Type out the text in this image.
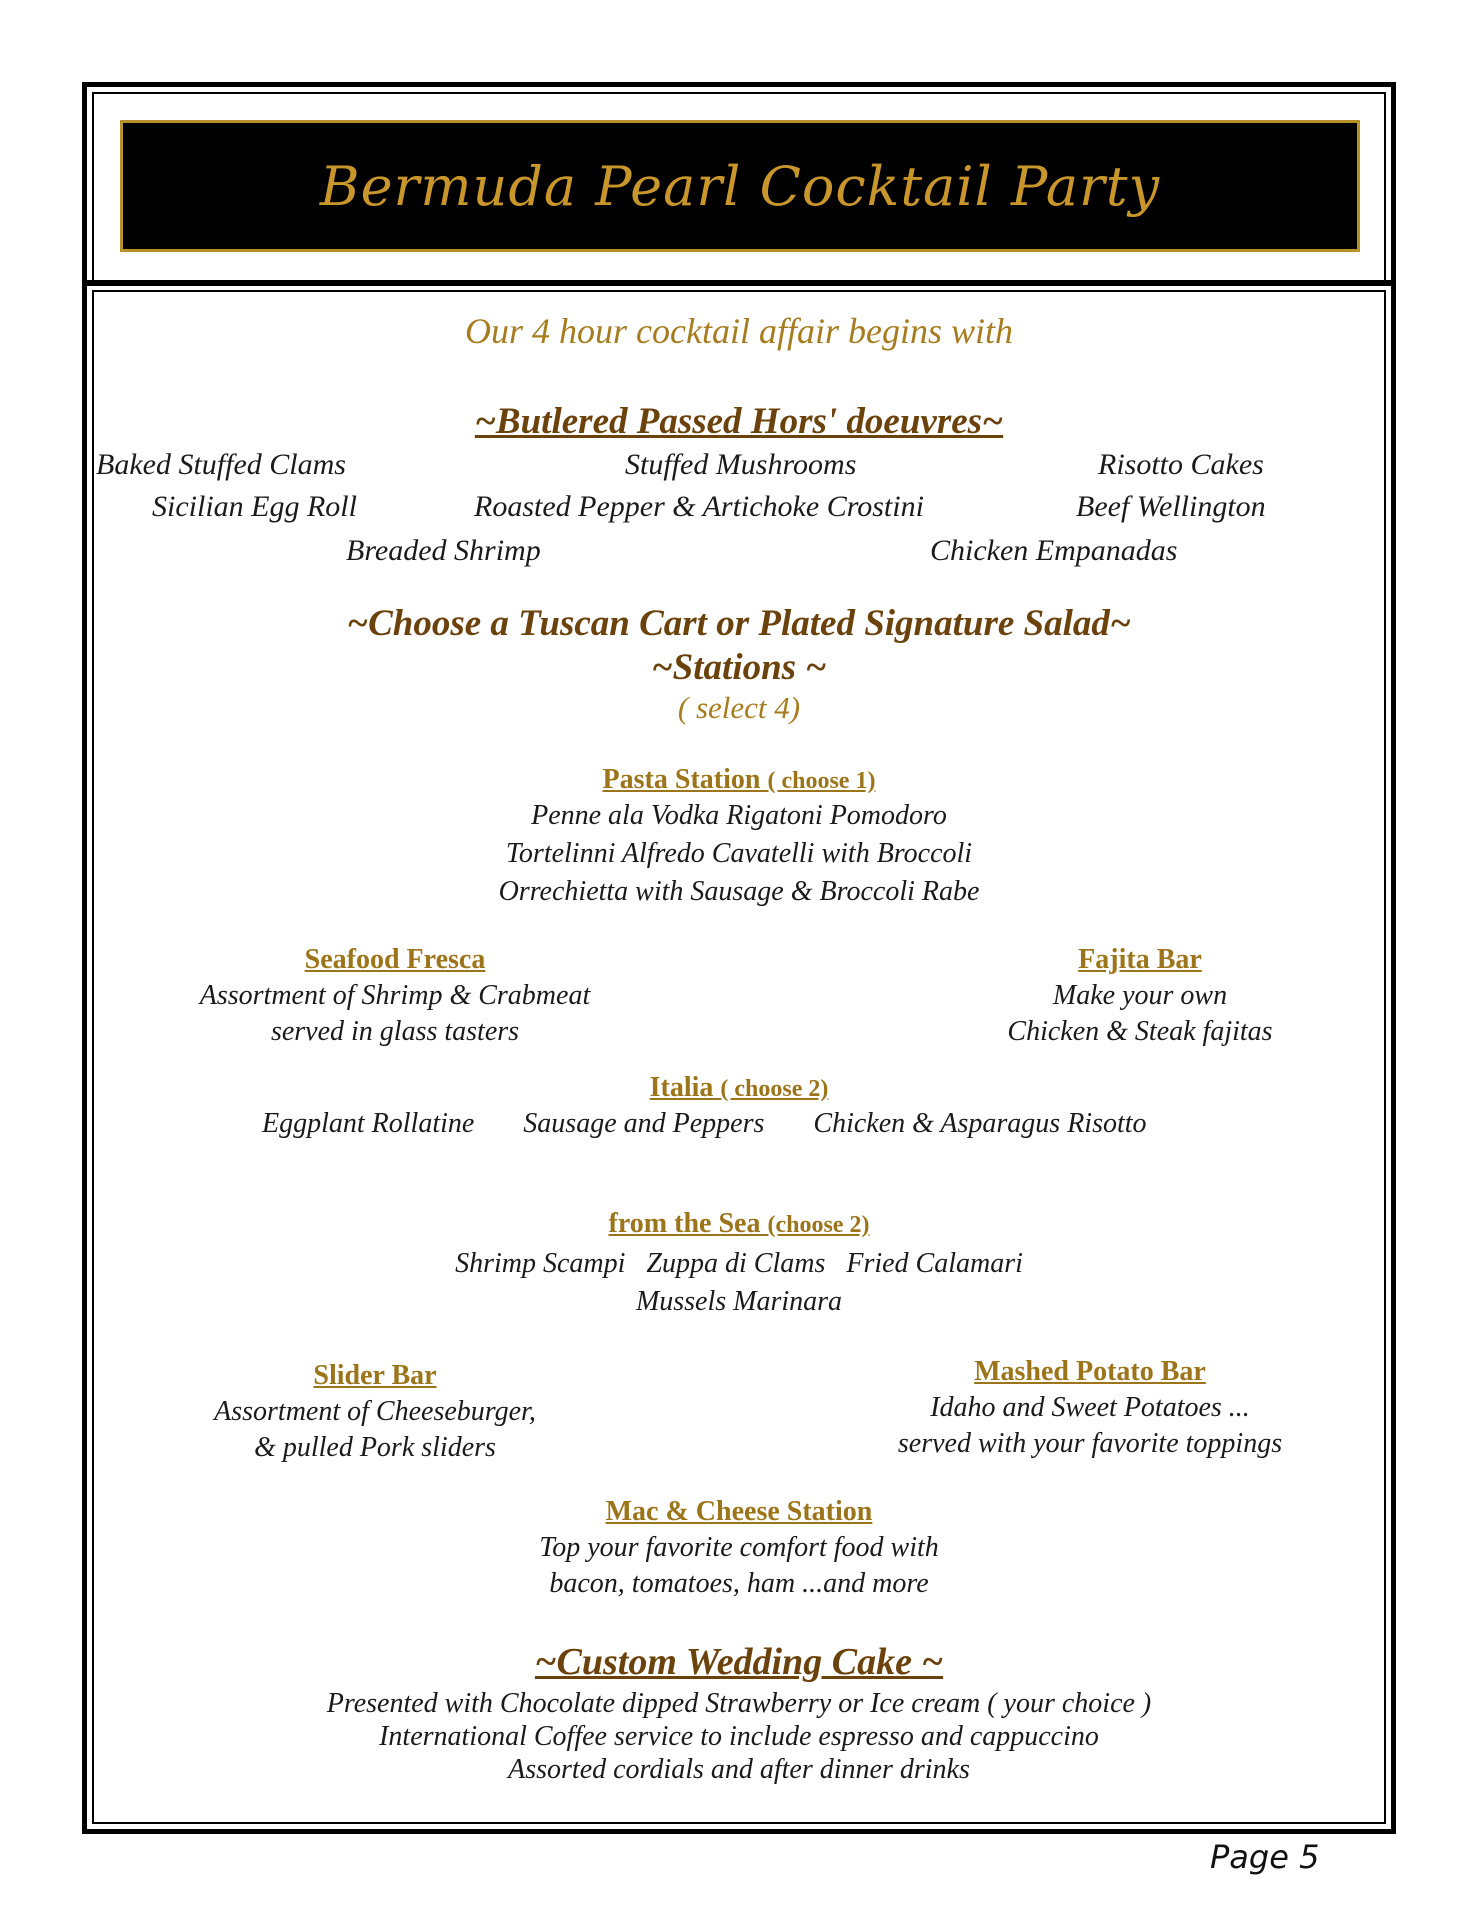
Bermuda Pearl Cocktail Party
Our 4 hour cocktail affair begins with
~Butlered Passed Hors' doeuvres~
Baked Stuffed Clams	Stuffed Mushrooms	Risotto Cakes
Sicilian Egg Roll	Roasted Pepper & Artichoke Crostini	Beef Wellington
Breaded Shrimp	Chicken Empanadas
~Choose a Tuscan Cart or Plated Signature Salad~
~Stations ~
( select 4)
Pasta Station ( choose 1)
Penne ala Vodka Rigatoni Pomodoro
Tortelinni Alfredo Cavatelli with Broccoli
Orrechietta with Sausage & Broccoli Rabe
Seafood Fresca
Assortment of Shrimp & Crabmeat
served in glass tasters
Fajita Bar
Make your own
Chicken & Steak fajitas
Italia ( choose 2)
Eggplant Rollatine       Sausage and Peppers       Chicken & Asparagus Risotto
from the Sea (choose 2)
Shrimp Scampi   Zuppa di Clams   Fried Calamari
Mussels Marinara
Slider Bar
Assortment of Cheeseburger,
& pulled Pork sliders
Mashed Potato Bar
Idaho and Sweet Potatoes ...
served with your favorite toppings
Mac & Cheese Station
Top your favorite comfort food with
bacon, tomatoes, ham ...and more
~Custom Wedding Cake ~
Presented with Chocolate dipped Strawberry or Ice cream ( your choice )
International Coffee service to include espresso and cappuccino
Assorted cordials and after dinner drinks
Page 5
